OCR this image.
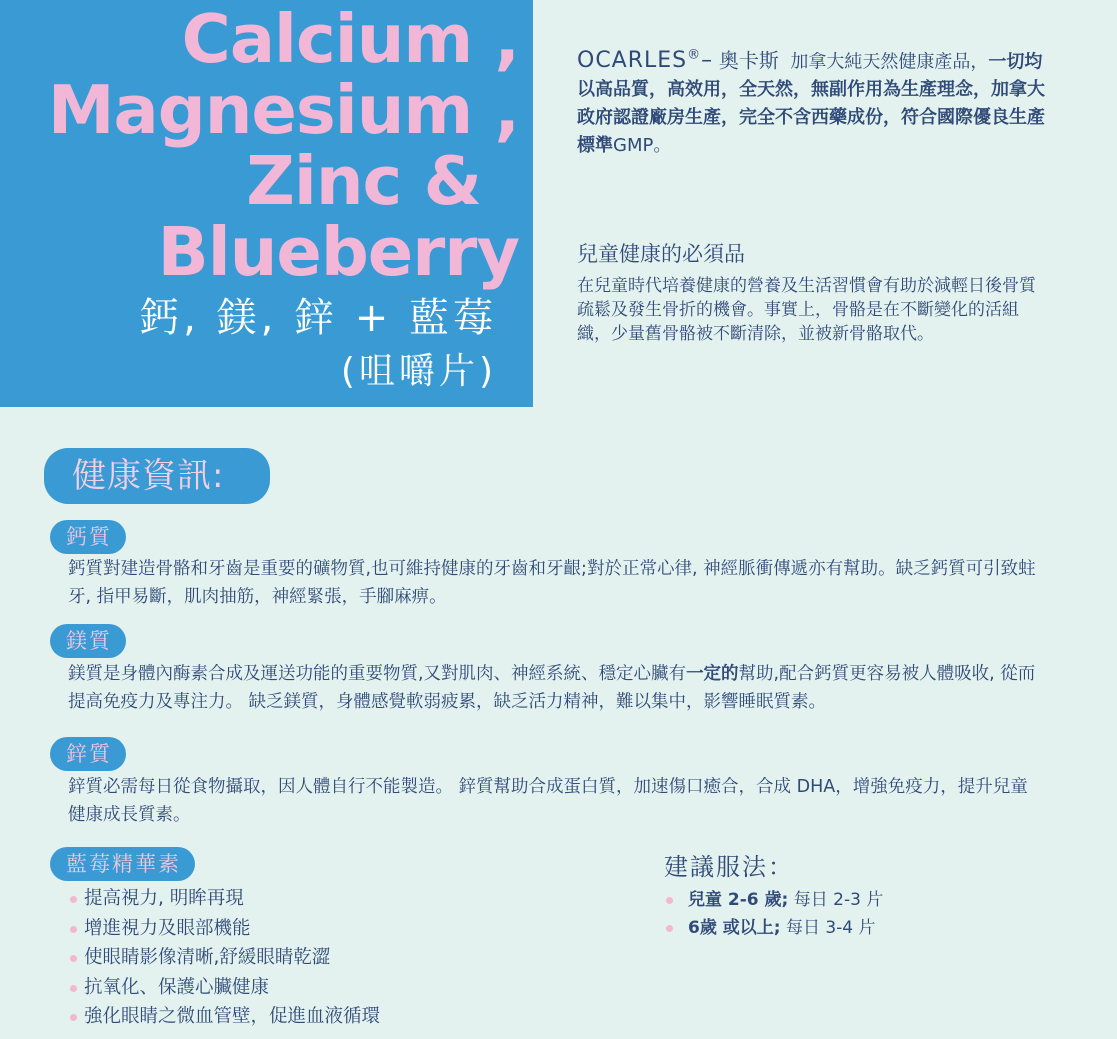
Calcium ,
Magnesium ,
Zinc &
Blueberry
鈣, 鎂, 鋅 + 藍莓
(咀嚼片)
OCARLES®– 奧卡斯 加拿大純天然健康產品，一切均以高品質，高效用，全天然，無副作用為生產理念，加拿大政府認證廠房生產，完全不含西藥成份，符合國際優良生產標準GMP。
兒童健康的必須品
在兒童時代培養健康的營養及生活習慣會有助於減輕日後骨質疏鬆及發生骨折的機會。事實上，骨骼是在不斷變化的活組織，少量舊骨骼被不斷清除，並被新骨骼取代。
健康資訊:
鈣質
鈣質對建造骨骼和牙齒是重要的礦物質,也可維持健康的牙齒和牙齦;對於正常心律, 神經脈衝傳遞亦有幫助。缺乏鈣質可引致蛀牙, 指甲易斷，肌肉抽筋，神經緊張，手腳麻痹。
鎂質
鎂質是身體內酶素合成及運送功能的重要物質,又對肌肉、神經系統、穩定心臟有一定的幫助,配合鈣質更容易被人體吸收, 從而提高免疫力及專注力。 缺乏鎂質，身體感覺軟弱疲累，缺乏活力精神，難以集中，影響睡眠質素。
鋅質
鋅質必需每日從食物攝取，因人體自行不能製造。 鋅質幫助合成蛋白質，加速傷口癒合，合成 DHA，增強免疫力，提升兒童健康成長質素。
藍莓精華素
提高視力, 明眸再現
增進視力及眼部機能
使眼睛影像清晰,舒緩眼睛乾澀
抗氧化、保護心臟健康
強化眼睛之微血管壁，促進血液循環
建議服法：
兒童 2-6 歲; 每日 2-3 片
6歲 或以上; 每日 3-4 片
